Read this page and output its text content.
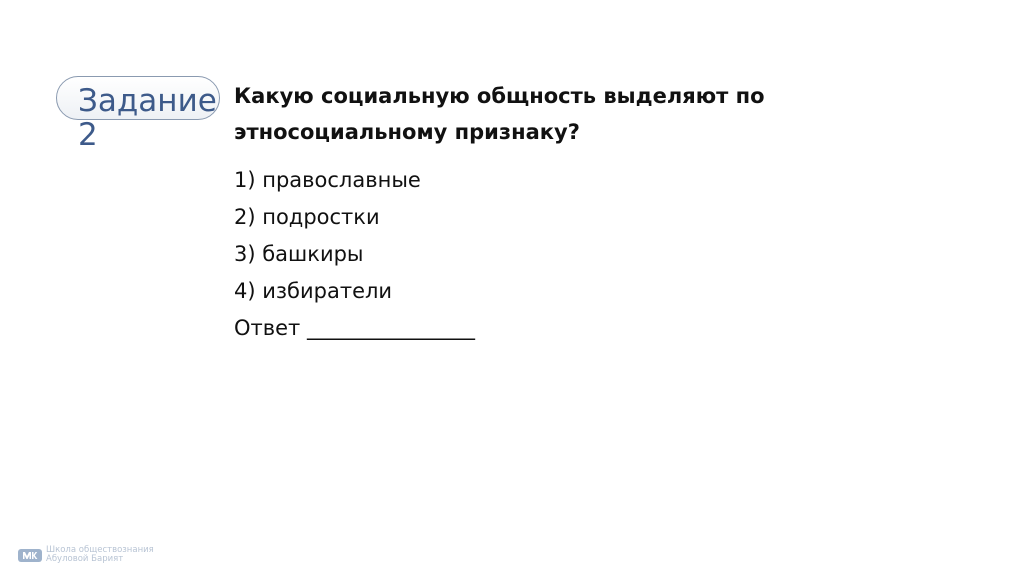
Задание 2
Какую социальную общность выделяют по этносоциальному признаку?
1) православные
2) подростки
3) башкиры
4) избиратели
Ответ ________________
Школа обществознания
Абуловой Барият
